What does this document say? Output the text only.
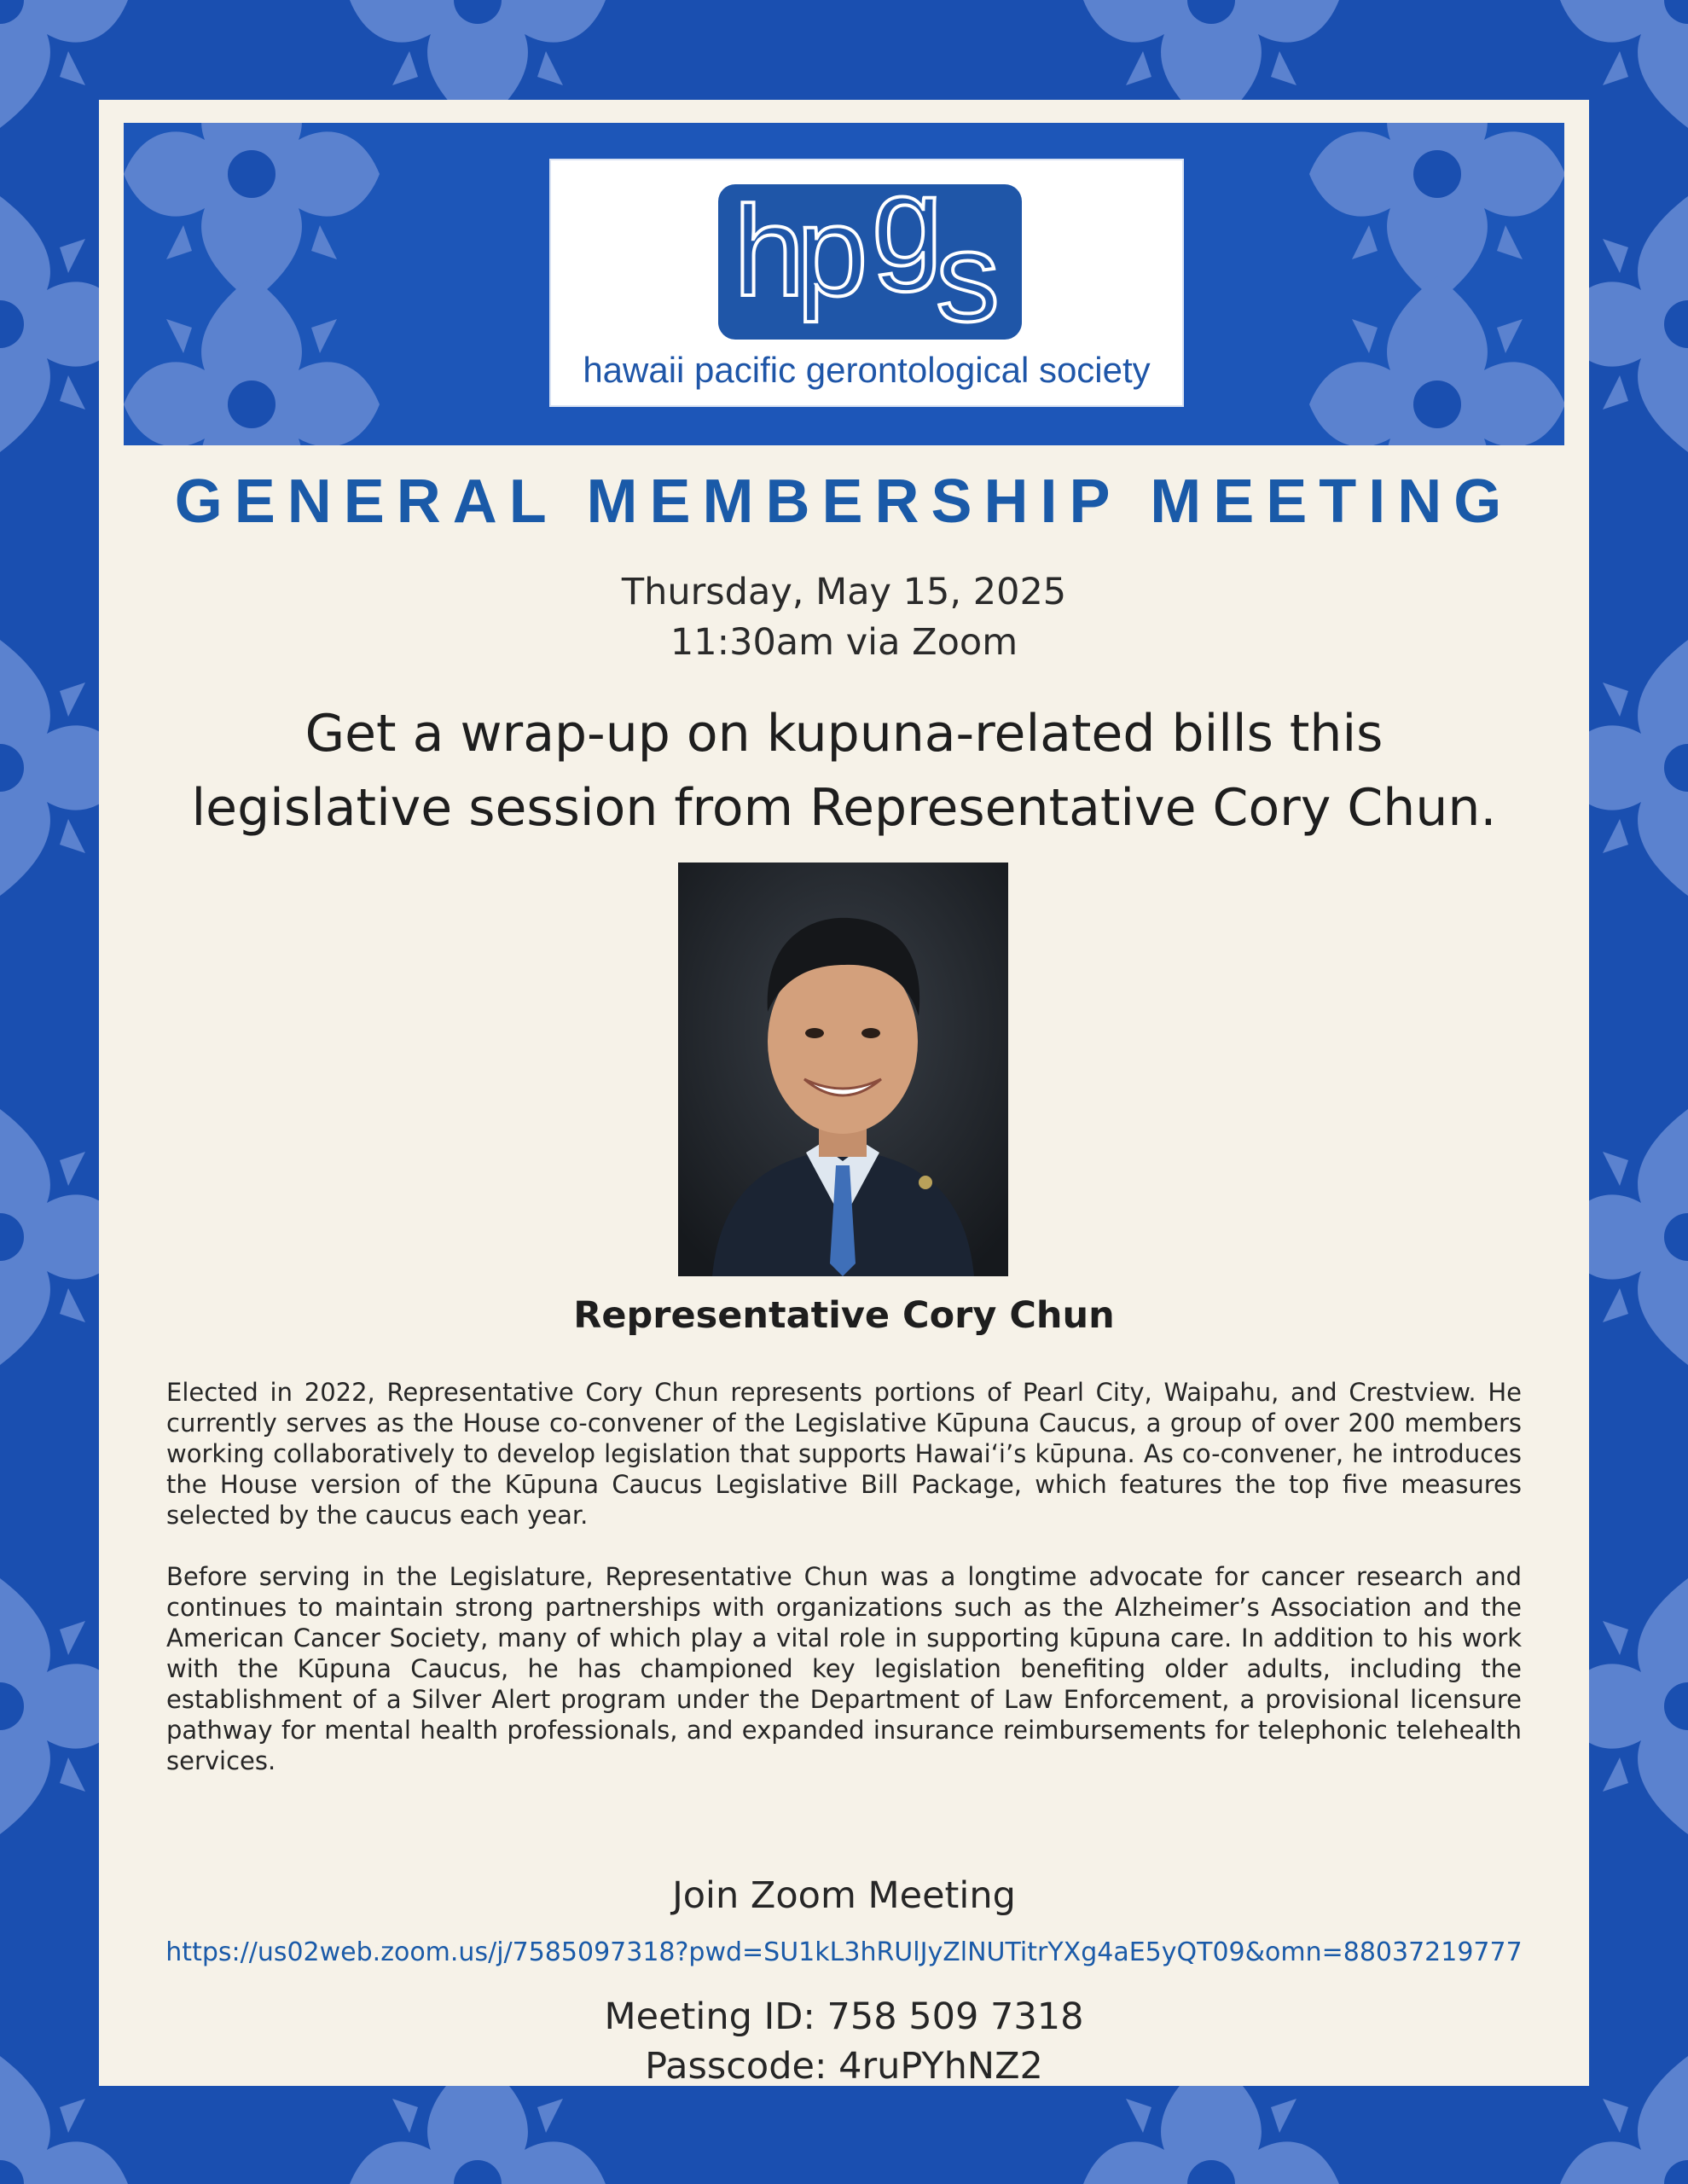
h
p g
s
hawaii pacific gerontological society
GENERAL MEMBERSHIP MEETING
Thursday, May 15, 2025
11:30am via Zoom
Get a wrap-up on kupuna-related bills this
legislative session from Representative Cory Chun.
Representative Cory Chun

Elected in 2022, Representative Cory Chun represents portions of Pearl City, Waipahu, and Crestview. He currently serves as the House co-convener of the Legislative Kūpuna Caucus, a group of over 200 members working collaboratively to develop legislation that supports Hawaiʻi’s kūpuna. As co-convener, he introduces the House version of the Kūpuna Caucus Legislative Bill Package, which features the top five measures selected by the caucus each year.

Before serving in the Legislature, Representative Chun was a longtime advocate for cancer research and continues to maintain strong partnerships with organizations such as the Alzheimer’s Association and the American Cancer Society, many of which play a vital role in supporting kūpuna care. In addition to his work with the Kūpuna Caucus, he has championed key legislation benefiting older adults, including the establishment of a Silver Alert program under the Department of Law Enforcement, a provisional licensure pathway for mental health professionals, and expanded insurance reimbursements for telephonic telehealth services.

Join Zoom Meeting
https://us02web.zoom.us/j/7585097318?pwd=SU1kL3hRUlJyZlNUTitrYXg4aE5yQT09&omn=88037219777
Meeting ID: 758 509 7318
Passcode: 4ruPYhNZ2
